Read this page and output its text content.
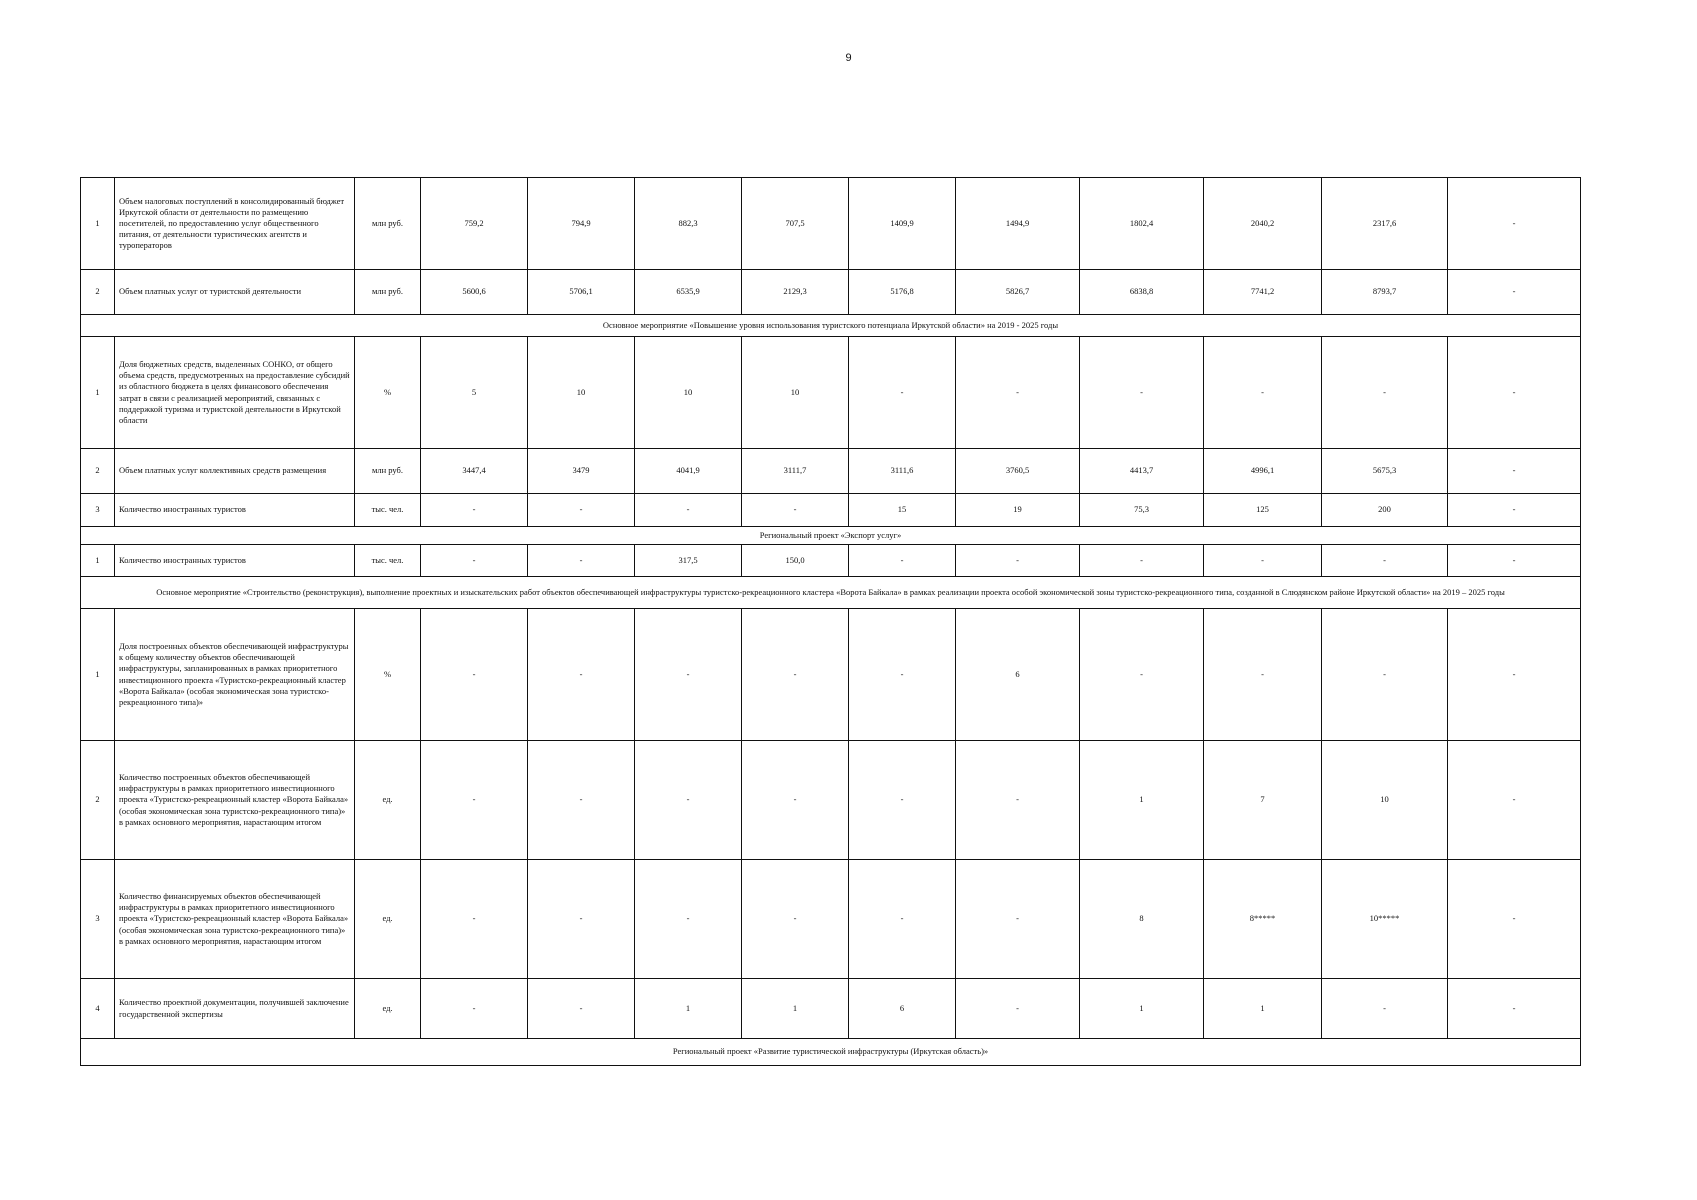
9
1	Объем налоговых поступлений в консолидированный бюджет Иркутской области от деятельности по размещению посетителей, по предоставлению услуг общественного питания, от деятельности туристических агентств и туроператоров	млн руб.	759,2	794,9	882,3	707,5	1409,9	1494,9	1802,4	2040,2	2317,6	-
2	Объем платных услуг от туристской деятельности	млн руб.	5600,6	5706,1	6535,9	2129,3	5176,8	5826,7	6838,8	7741,2	8793,7	-
Основное мероприятие «Повышение уровня использования туристского потенциала Иркутской области» на 2019 - 2025 годы												
1	Доля бюджетных средств, выделенных СОНКО, от общего объема средств, предусмотренных на предоставление субсидий из областного бюджета в целях финансового обеспечения затрат в связи с реализацией мероприятий, связанных с поддержкой туризма и туристской деятельности в Иркутской области	%	5	10	10	10	-	-	-	-	-	-
2	Объем платных услуг коллективных средств размещения	млн руб.	3447,4	3479	4041,9	3111,7	3111,6	3760,5	4413,7	4996,1	5675,3	-
3	Количество иностранных туристов	тыс. чел.	-	-	-	-	15	19	75,3	125	200	-
Региональный проект «Экспорт услуг»												
1	Количество иностранных туристов	тыс. чел.	-	-	317,5	150,0	-	-	-	-	-	-
Основное мероприятие «Строительство (реконструкция), выполнение проектных и изыскательских работ объектов обеспечивающей инфраструктуры туристско-рекреационного кластера «Ворота Байкала» в рамках реализации проекта особой экономической зоны туристско-рекреационного типа, созданной в Слюдянском районе Иркутской области» на 2019 – 2025 годы												
1	Доля построенных объектов обеспечивающей инфраструктуры к общему количеству объектов обеспечивающей инфраструктуры, запланированных в рамках приоритетного инвестиционного проекта «Туристско-рекреационный кластер «Ворота Байкала» (особая экономическая зона туристско-рекреационного типа)»	%	-	-	-	-	-	6	-	-	-	-
2	Количество построенных объектов обеспечивающей инфраструктуры в рамках приоритетного инвестиционного проекта «Туристско-рекреационный кластер «Ворота Байкала» (особая экономическая зона туристско-рекреационного типа)» в рамках основного мероприятия, нарастающим итогом	ед.	-	-	-	-	-	-	1	7	10	-
3	Количество финансируемых объектов обеспечивающей инфраструктуры в рамках приоритетного инвестиционного проекта «Туристско-рекреационный кластер «Ворота Байкала» (особая экономическая зона туристско-рекреационного типа)» в рамках основного мероприятия, нарастающим итогом	ед.	-	-	-	-	-	-	8	8*****	10*****	-
4	Количество проектной документации, получившей заключение государственной экспертизы	ед.	-	-	1	1	6	-	1	1	-	-
Региональный проект «Развитие туристической инфраструктуры (Иркутская область)»												
